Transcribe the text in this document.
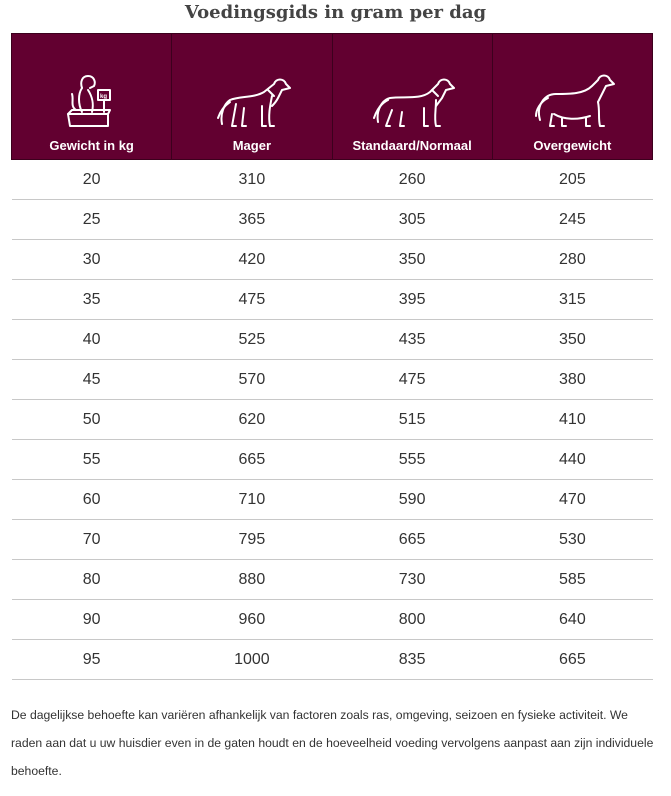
Voedingsgids in gram per dag
kg
Gewicht in kg	Mager	Standaard/Normaal	Overgewicht
20	310	260	205
25	365	305	245
30	420	350	280
35	475	395	315
40	525	435	350
45	570	475	380
50	620	515	410
55	665	555	440
60	710	590	470
70	795	665	530
80	880	730	585
90	960	800	640
95	1000	835	665

De dagelijkse behoefte kan variëren afhankelijk van factoren zoals ras, omgeving, seizoen en fysieke activiteit. We raden aan dat u uw huisdier even in de gaten houdt en de hoeveelheid voeding vervolgens aanpast aan zijn individuele behoefte.
